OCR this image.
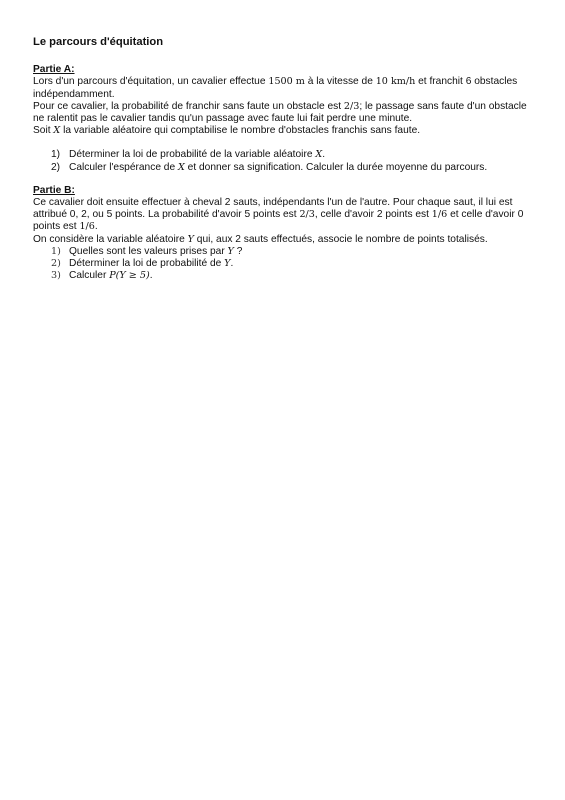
Le parcours d'équitation

Partie A:

Lors d'un parcours d'équitation, un cavalier effectue 1500 m à la vitesse de 10 km/h et franchit 6 obstacles indépendamment.

Pour ce cavalier, la probabilité de franchir sans faute un obstacle est 2/3; le passage sans faute d'un obstacle ne ralentit pas le cavalier tandis qu'un passage avec faute lui fait perdre une minute.

Soit X la variable aléatoire qui comptabilise le nombre d'obstacles franchis sans faute.

1) Déterminer la loi de probabilité de la variable aléatoire X.
2) Calculer l'espérance de X et donner sa signification. Calculer la durée moyenne du parcours.

Partie B:

Ce cavalier doit ensuite effectuer à cheval 2 sauts, indépendants l'un de l'autre. Pour chaque saut, il lui est attribué 0, 2, ou 5 points. La probabilité d'avoir 5 points est 2/3, celle d'avoir 2 points est 1/6 et celle d'avoir 0 points est 1/6.

On considère la variable aléatoire Y qui, aux 2 sauts effectués, associe le nombre de points totalisés.

1) Quelles sont les valeurs prises par Y ?
2) Déterminer la loi de probabilité de Y.
3) Calculer P(Y ≥ 5).
